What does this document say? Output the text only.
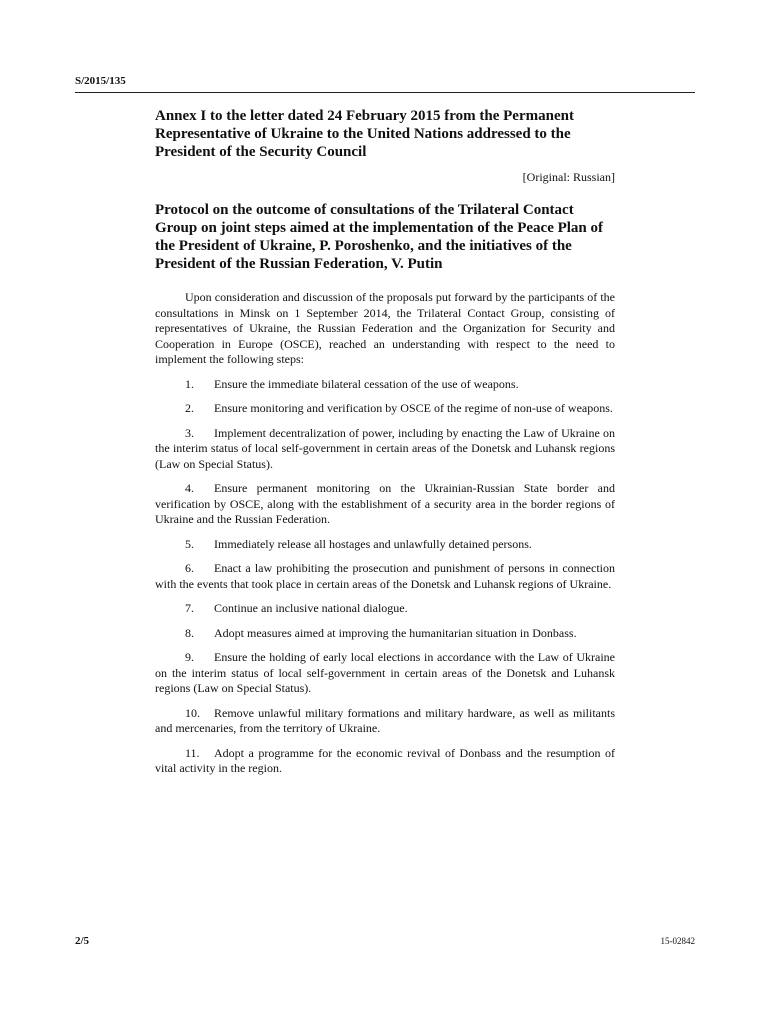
S/2015/135
Annex I to the letter dated 24 February 2015 from the Permanent Representative of Ukraine to the United Nations addressed to the President of the Security Council

[Original: Russian]

Protocol on the outcome of consultations of the Trilateral Contact Group on joint steps aimed at the implementation of the Peace Plan of the President of Ukraine, P. Poroshenko, and the initiatives of the President of the Russian Federation, V. Putin

Upon consideration and discussion of the proposals put forward by the participants of the consultations in Minsk on 1 September 2014, the Trilateral Contact Group, consisting of representatives of Ukraine, the Russian Federation and the Organization for Security and Cooperation in Europe (OSCE), reached an understanding with respect to the need to implement the following steps:

1. Ensure the immediate bilateral cessation of the use of weapons.
2. Ensure monitoring and verification by OSCE of the regime of non-use of weapons.
3. Implement decentralization of power, including by enacting the Law of Ukraine on the interim status of local self-government in certain areas of the Donetsk and Luhansk regions (Law on Special Status).
4. Ensure permanent monitoring on the Ukrainian-Russian State border and verification by OSCE, along with the establishment of a security area in the border regions of Ukraine and the Russian Federation.
5. Immediately release all hostages and unlawfully detained persons.
6. Enact a law prohibiting the prosecution and punishment of persons in connection with the events that took place in certain areas of the Donetsk and Luhansk regions of Ukraine.
7. Continue an inclusive national dialogue.
8. Adopt measures aimed at improving the humanitarian situation in Donbass.
9. Ensure the holding of early local elections in accordance with the Law of Ukraine on the interim status of local self-government in certain areas of the Donetsk and Luhansk regions (Law on Special Status).
10. Remove unlawful military formations and military hardware, as well as militants and mercenaries, from the territory of Ukraine.
11. Adopt a programme for the economic revival of Donbass and the resumption of vital activity in the region.
2/5	15-02842
